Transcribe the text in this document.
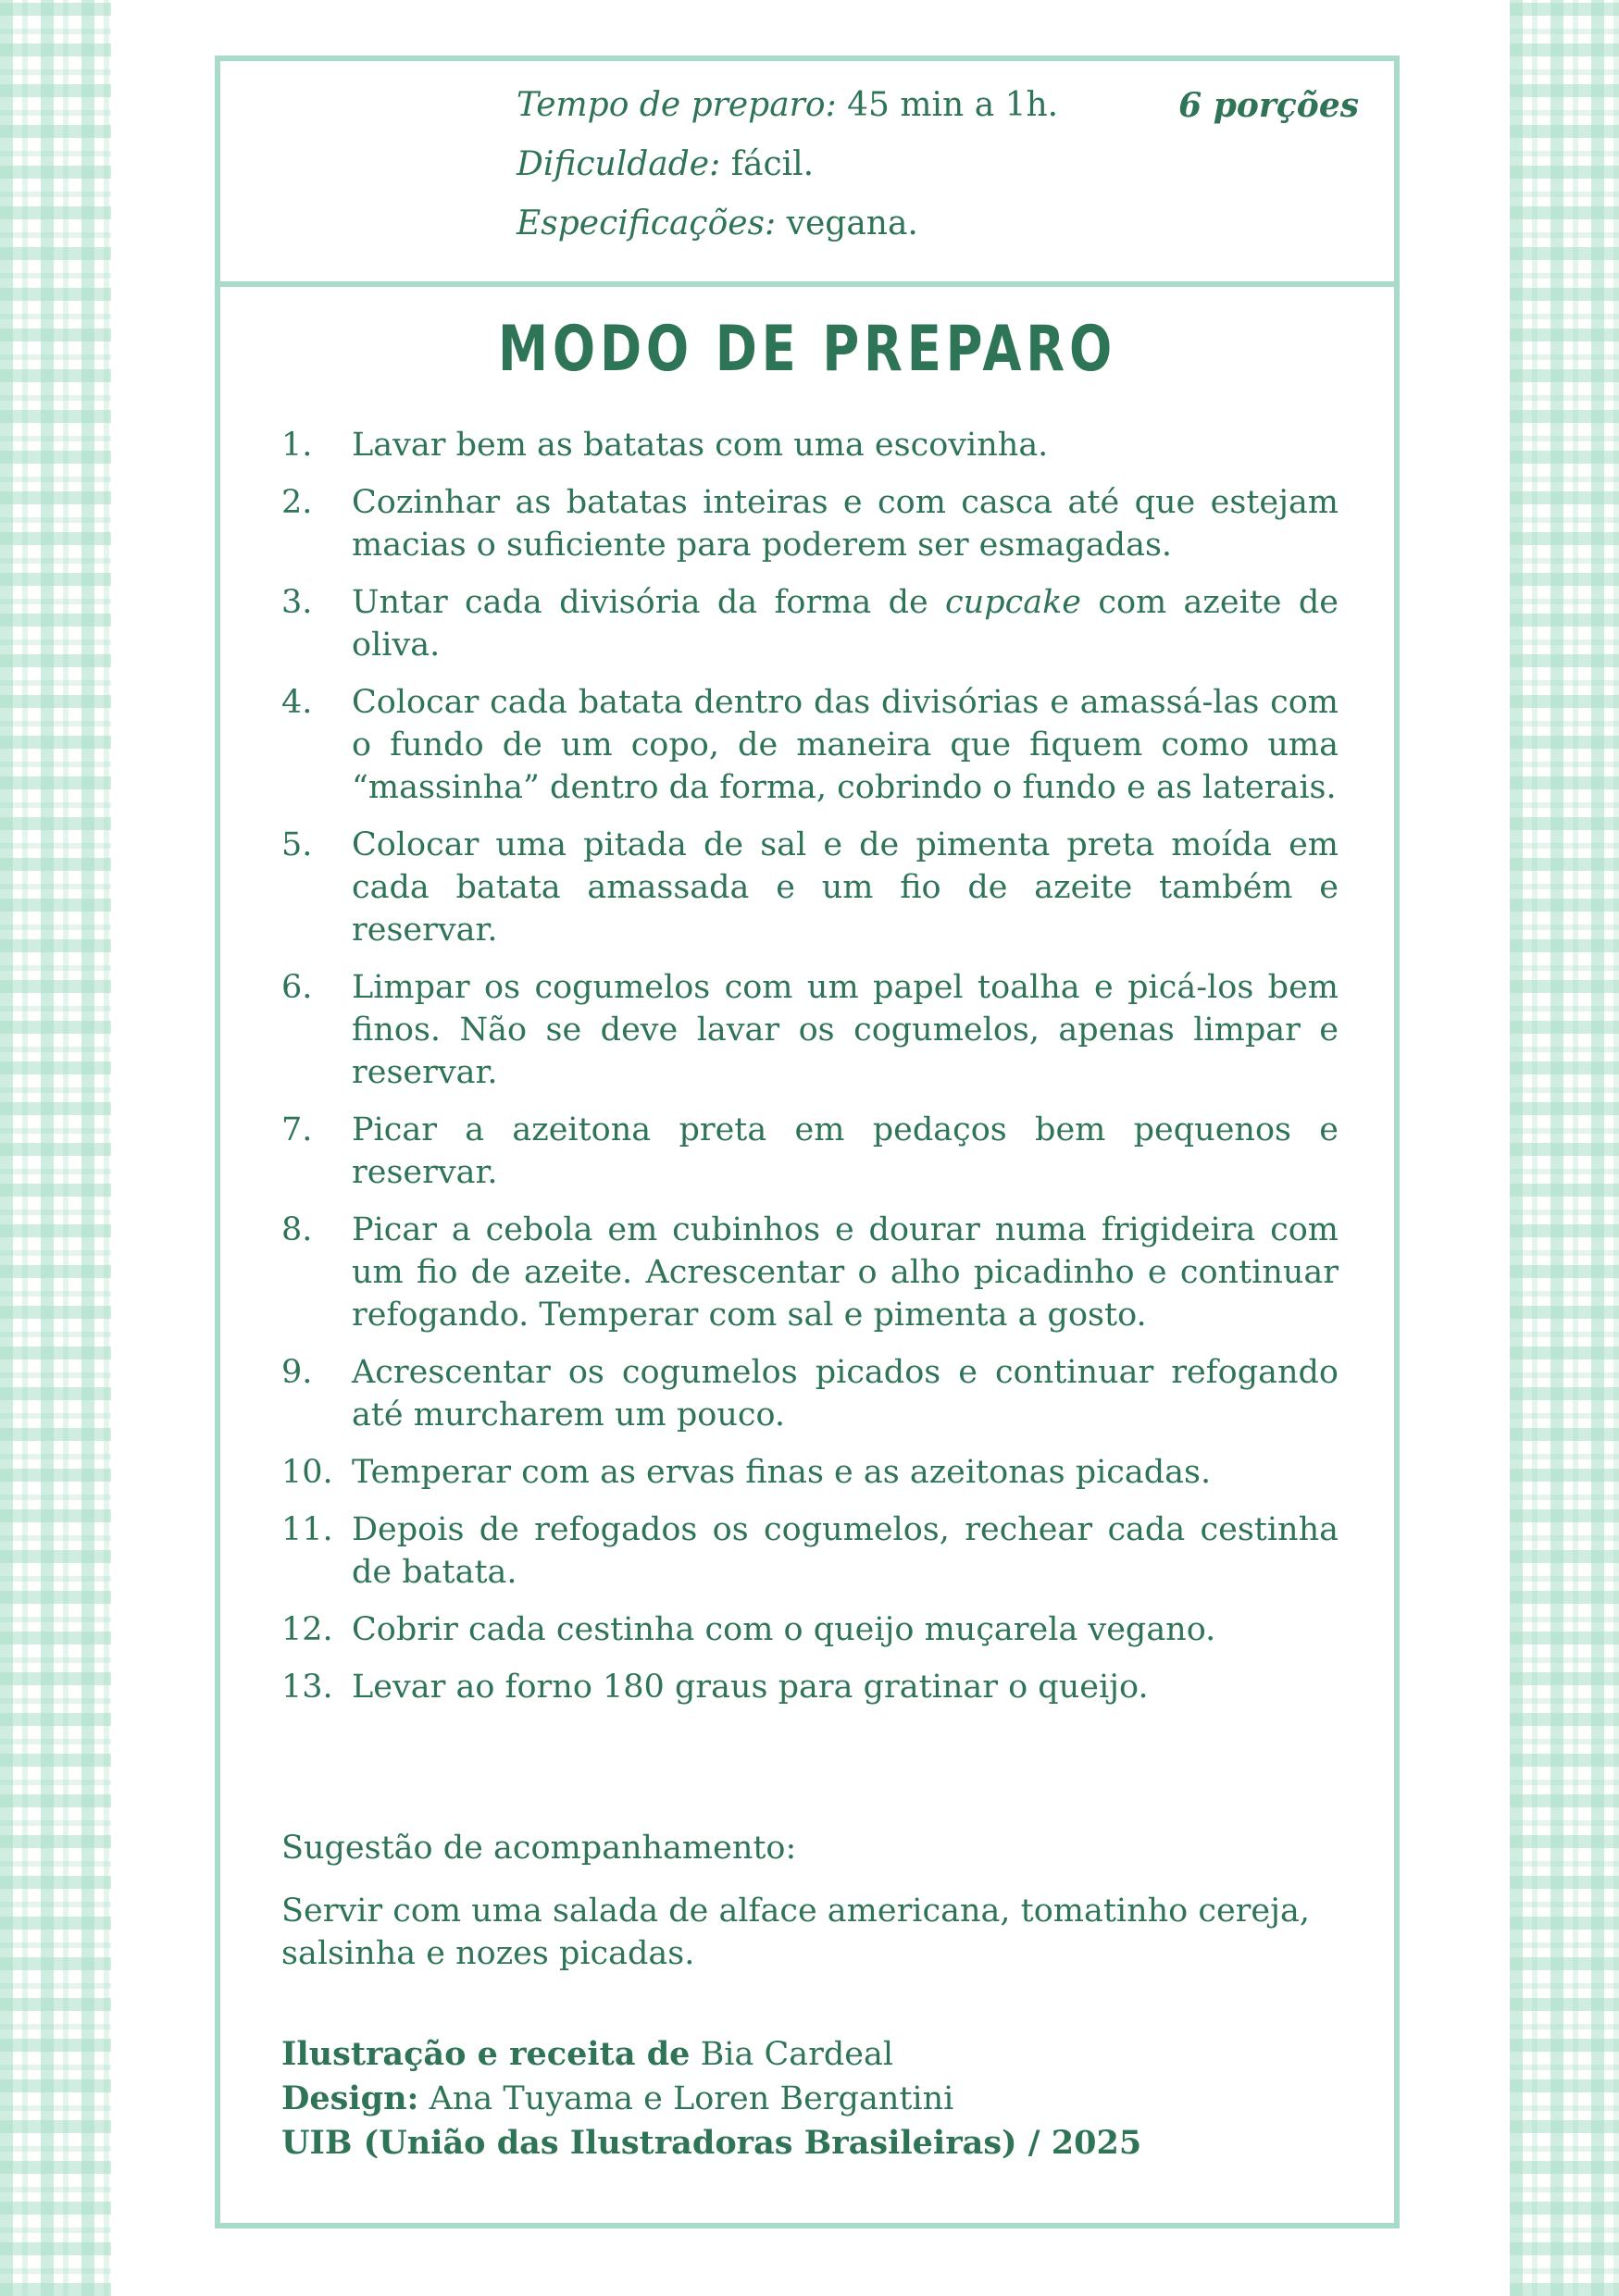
Tempo de preparo: 45 min a 1h.
Dificuldade: fácil.
Especificações: vegana.
6 porções
MODO DE PREPARO
1. Lavar bem as batatas com uma escovinha.
2. Cozinhar as batatas inteiras e com casca até que estejam macias o suficiente para poderem ser esmagadas.
3. Untar cada divisória da forma de cupcake com azeite de oliva.
4. Colocar cada batata dentro das divisórias e amassá-las com o fundo de um copo, de maneira que fiquem como uma “massinha” dentro da forma, cobrindo o fundo e as laterais.
5. Colocar uma pitada de sal e de pimenta preta moída em cada batata amassada e um fio de azeite também e reservar.
6. Limpar os cogumelos com um papel toalha e picá-los bem finos. Não se deve lavar os cogumelos, apenas limpar e reservar.
7. Picar a azeitona preta em pedaços bem pequenos e reservar.
8. Picar a cebola em cubinhos e dourar numa frigideira com um fio de azeite. Acrescentar o alho picadinho e continuar refogando. Temperar com sal e pimenta a gosto.
9. Acrescentar os cogumelos picados e continuar refogando até murcharem um pouco.
10. Temperar com as ervas finas e as azeitonas picadas.
11. Depois de refogados os cogumelos, rechear cada cestinha de batata.
12. Cobrir cada cestinha com o queijo muçarela vegano.
13. Levar ao forno 180 graus para gratinar o queijo.
Sugestão de acompanhamento:
Servir com uma salada de alface americana, tomatinho cereja, salsinha e nozes picadas.
Ilustração e receita de Bia Cardeal
Design: Ana Tuyama e Loren Bergantini
UIB (União das Ilustradoras Brasileiras) / 2025
